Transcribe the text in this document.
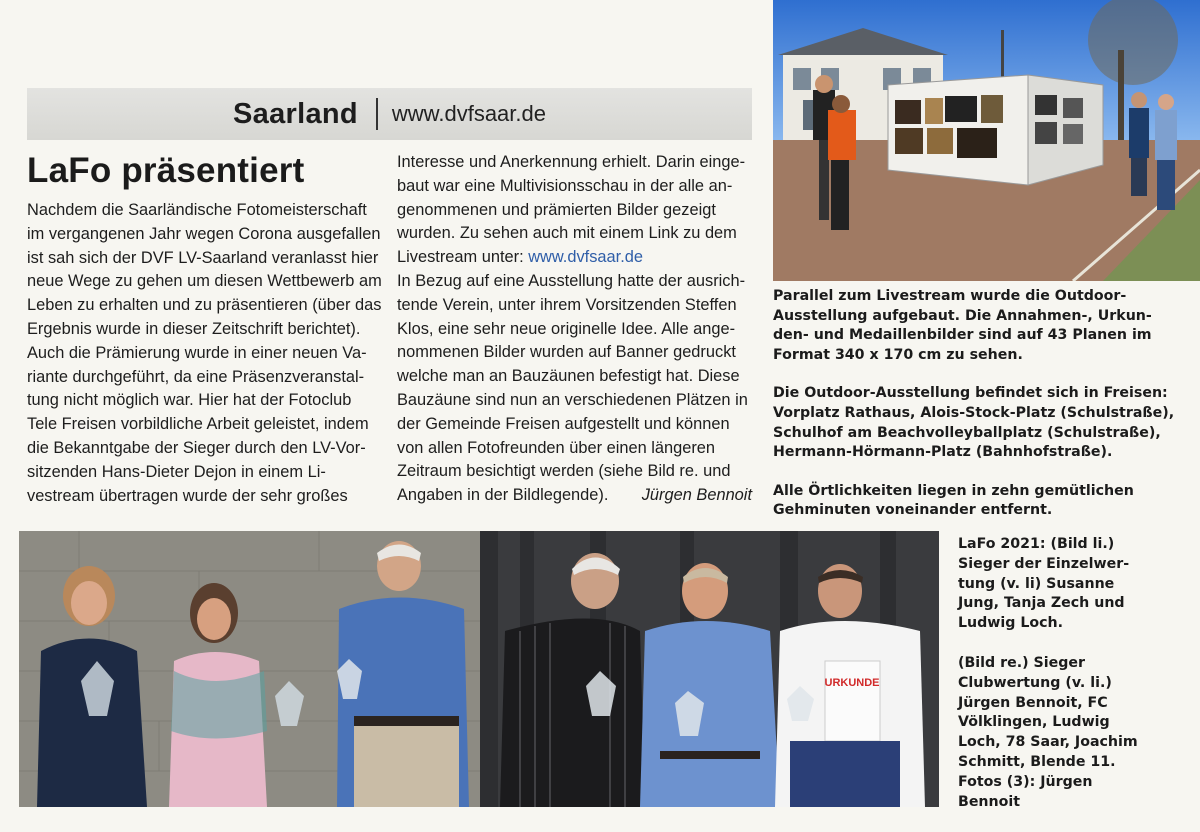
Saarland www.dvfsaar.de
LaFo präsentiert
Nachdem die Saarländische Fotomeisterschaft
im vergangenen Jahr wegen Corona ausgefallen
ist sah sich der DVF LV-Saarland veranlasst hier
neue Wege zu gehen um diesen Wettbewerb am
Leben zu erhalten und zu präsentieren (über das
Ergebnis wurde in dieser Zeitschrift berichtet).
Auch die Prämierung wurde in einer neuen Va-
riante durchgeführt, da eine Präsenzveranstal-
tung nicht möglich war. Hier hat der Fotoclub
Tele Freisen vorbildliche Arbeit geleistet, indem
die Bekanntgabe der Sieger durch den LV-Vor-
sitzenden Hans-Dieter Dejon in einem Li-
vestream übertragen wurde der sehr großes
Interesse und Anerkennung erhielt. Darin einge-
baut war eine Multivisionsschau in der alle an-
genommenen und prämierten Bilder gezeigt
wurden. Zu sehen auch mit einem Link zu dem
Livestream unter: www.dvfsaar.de
In Bezug auf eine Ausstellung hatte der ausrich-
tende Verein, unter ihrem Vorsitzenden Steffen
Klos, eine sehr neue originelle Idee. Alle ange-
nommenen Bilder wurden auf Banner gedruckt
welche man an Bauzäunen befestigt hat. Diese
Bauzäune sind nun an verschiedenen Plätzen in
der Gemeinde Freisen aufgestellt und können
von allen Fotofreunden über einen längeren
Zeitraum besichtigt werden (siehe Bild re. und
Angaben in der Bildlegende). Jürgen Bennoit

Parallel zum Livestream wurde die Outdoor-
Ausstellung aufgebaut. Die Annahmen-, Urkun-
den- und Medaillenbilder sind auf 43 Planen im
Format 340 x 170 cm zu sehen.

Die Outdoor-Ausstellung befindet sich in Freisen:
Vorplatz Rathaus, Alois-Stock-Platz (Schulstraße),
Schulhof am Beachvolleyballplatz (Schulstraße),
Hermann-Hörmann-Platz (Bahnhofstraße).

Alle Örtlichkeiten liegen in zehn gemütlichen
Gehminuten voneinander entfernt.

URKUNDE

LaFo 2021: (Bild li.)
Sieger der Einzelwer-
tung (v. li) Susanne
Jung, Tanja Zech und
Ludwig Loch.

(Bild re.) Sieger
Clubwertung (v. li.)
Jürgen Bennoit, FC
Völklingen, Ludwig
Loch, 78 Saar, Joachim
Schmitt, Blende 11.
Fotos (3): Jürgen
Bennoit
